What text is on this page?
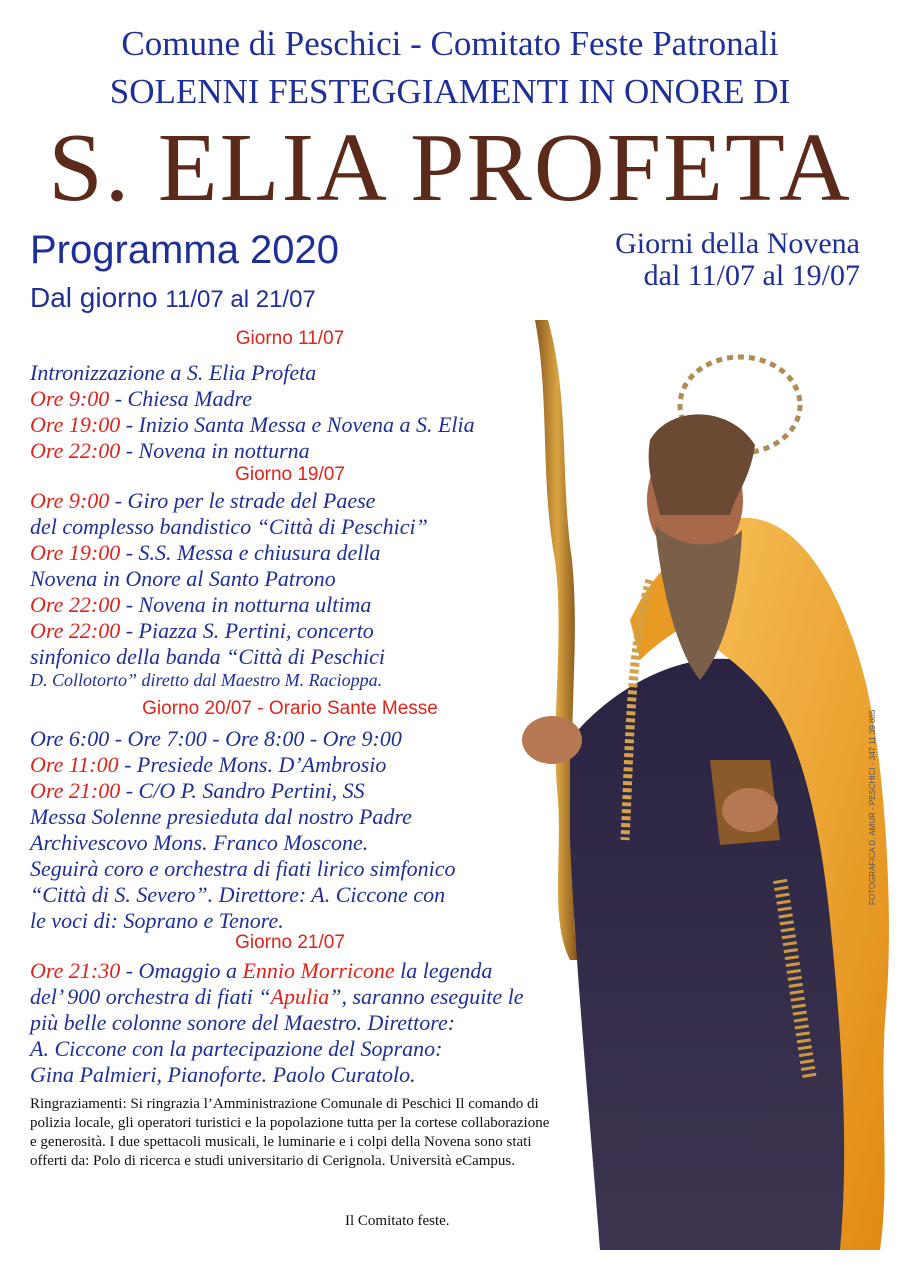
Comune di Peschici - Comitato Feste Patronali
SOLENNI FESTEGGIAMENTI IN ONORE DI
S. ELIA PROFETA
Programma 2020
Dal giorno 11/07 al 21/07
Giorni della Novena
dal 11/07 al 19/07
Giorno 11/07
Intronizzazione a S. Elia Profeta
Ore 9:00 - Chiesa Madre
Ore 19:00 - Inizio Santa Messa e Novena a S. Elia
Ore 22:00 - Novena in notturna
Giorno 19/07
Ore 9:00 - Giro per le strade del Paese
del complesso bandistico “Città di Peschici”
Ore 19:00 - S.S. Messa e chiusura della
Novena in Onore al Santo Patrono
Ore 22:00 - Novena in notturna ultima
Ore 22:00 - Piazza S. Pertini, concerto
sinfonico della banda “Città di Peschici
D. Collotorto” diretto dal Maestro M. Racioppa.
Giorno 20/07 - Orario Sante Messe
Ore 6:00 - Ore 7:00 - Ore 8:00 - Ore 9:00
Ore 11:00 - Presiede Mons. D’Ambrosio
Ore 21:00 - C/O P. Sandro Pertini, SS
Messa Solenne presieduta dal nostro Padre
Archivescovo Mons. Franco Moscone.
Seguirà coro e orchestra di fiati lirico simfonico
“Città di S. Severo”. Direttore: A. Ciccone con
le voci di: Soprano e Tenore.
Giorno 21/07
Ore 21:30 - Omaggio a Ennio Morricone la legenda
del’ 900 orchestra di fiati “Apulia”, saranno eseguite le
più belle colonne sonore del Maestro. Direttore:
A. Ciccone con la partecipazione del Soprano:
Gina Palmieri, Pianoforte. Paolo Curatolo.
Ringraziamenti: Si ringrazia l’Amministrazione Comunale di Peschici Il comando di polizia locale, gli operatori turistici e la popolazione tutta per la cortese collaborazione e generosità. I due spettacoli musicali, le luminarie e i colpi della Novena sono stati offerti da: Polo di ricerca e studi universitario di Cerignola. Università eCampus.
Il Comitato feste.
FOTOGRAFICA D. AMUR - PESCHICI - 347 11 39 885
